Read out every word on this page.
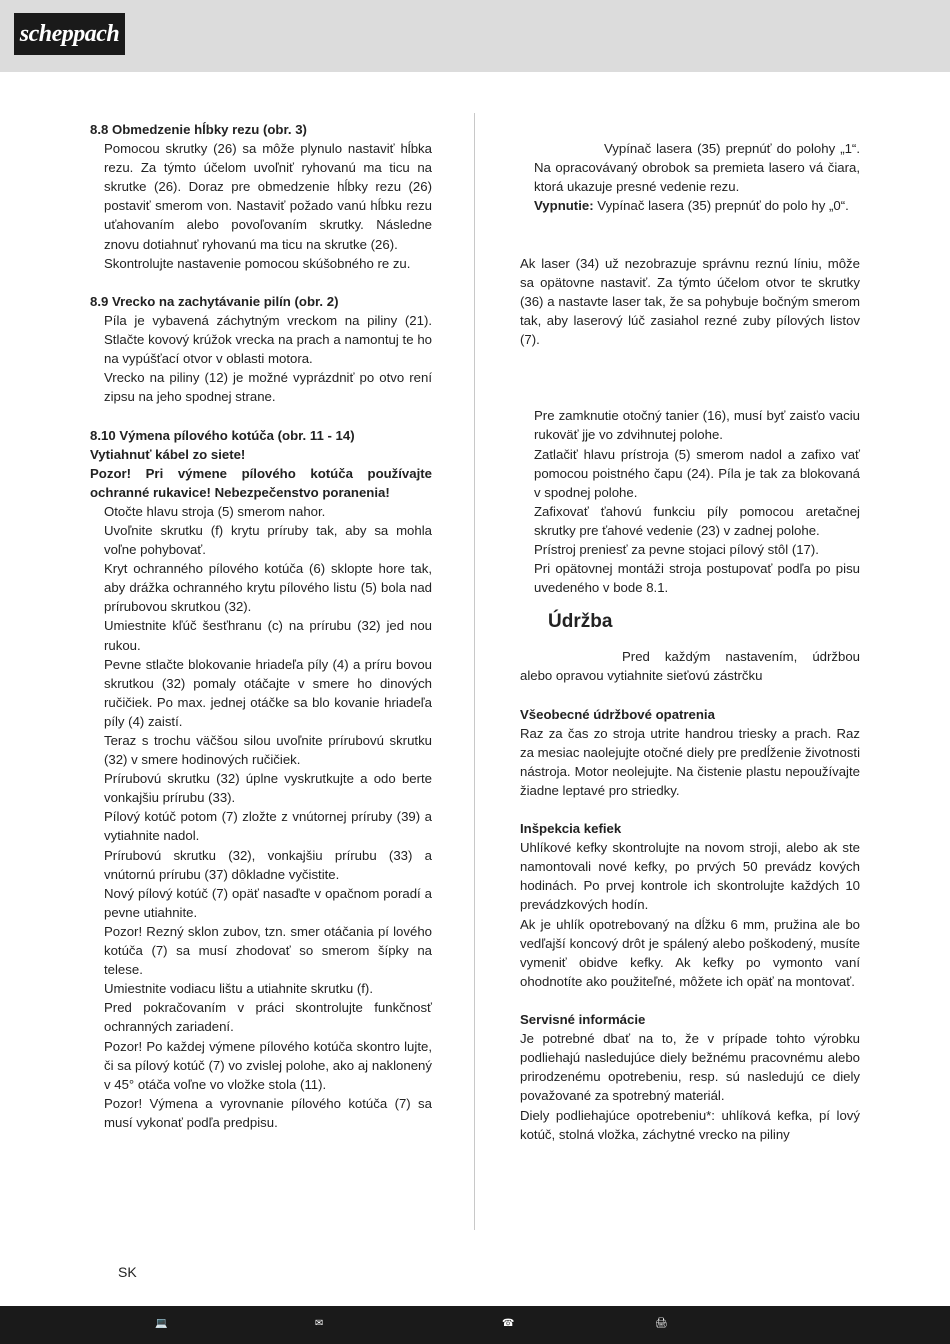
scheppach

8.8 Obmedzenie hĺbky rezu (obr. 3)

Pomocou skrutky (26) sa môže plynulo nastaviť hĺbka rezu. Za týmto účelom uvoľniť ryhovanú ma ticu na skrutke (26). Doraz pre obmedzenie hĺbky rezu (26) postaviť smerom von. Nastaviť požado vanú hĺbku rezu uťahovaním alebo povoľovaním skrutky. Následne znovu dotiahnuť ryhovanú ma ticu na skrutke (26).

Skontrolujte nastavenie pomocou skúšobného re zu.

8.9 Vrecko na zachytávanie pilín (obr. 2)

Píla je vybavená záchytným vreckom na piliny (21). Stlačte kovový krúžok vrecka na prach a namontuj te ho na vypúšťací otvor v oblasti motora.

Vrecko na piliny (12) je možné vyprázdniť po otvo rení zipsu na jeho spodnej strane.

8.10 Výmena pílového kotúča (obr. 11 - 14)

Vytiahnuť kábel zo siete!

Pozor! Pri výmene pílového kotúča používajte ochranné rukavice! Nebezpečenstvo poranenia!

Otočte hlavu stroja (5) smerom nahor.

Uvoľnite skrutku (f) krytu príruby tak, aby sa mohla voľne pohybovať.

Kryt ochranného pílového kotúča (6) sklopte hore tak, aby drážka ochranného krytu pílového listu (5) bola nad prírubovou skrutkou (32).

Umiestnite kľúč šesťhranu (c) na prírubu (32) jed nou rukou.

Pevne stlačte blokovanie hriadeľa píly (4) a príru bovou skrutkou (32) pomaly otáčajte v smere ho dinových ručičiek. Po max. jednej otáčke sa blo kovanie hriadeľa píly (4) zaistí.

Teraz s trochu väčšou silou uvoľnite prírubovú skrutku (32) v smere hodinových ručičiek.

Prírubovú skrutku (32) úplne vyskrutkujte a odo berte vonkajšiu prírubu (33).

Pílový kotúč potom (7) zložte z vnútornej príruby (39) a vytiahnite nadol.

Prírubovú skrutku (32), vonkajšiu prírubu (33) a vnútornú prírubu (37) dôkladne vyčistite.

Nový pílový kotúč (7) opäť nasaďte v opačnom poradí a pevne utiahnite.

Pozor! Rezný sklon zubov, tzn. smer otáčania pí lového kotúča (7) sa musí zhodovať so smerom šípky na telese.

Umiestnite vodiacu lištu a utiahnite skrutku (f).

Pred pokračovaním v práci skontrolujte funkčnosť ochranných zariadení.

Pozor! Po každej výmene pílového kotúča skontro lujte, či sa pílový kotúč (7) vo zvislej polohe, ako aj naklonený v 45° otáča voľne vo vložke stola (11).

Pozor! Výmena a vyrovnanie pílového kotúča (7) sa musí vykonať podľa predpisu.

Vypínač lasera (35) prepnúť do polohy „1“. Na opracovávaný obrobok sa premieta lasero vá čiara, ktorá ukazuje presné vedenie rezu.

Vypnutie: Vypínač lasera (35) prepnúť do polo hy „0“.

Ak laser (34) už nezobrazuje správnu reznú líniu, môže sa opätovne nastaviť. Za týmto účelom otvor te skrutky (36) a nastavte laser tak, že sa pohybuje bočným smerom tak, aby laserový lúč zasiahol rezné zuby pílových listov (7).

Pre zamknutie otočný tanier (16), musí byť zaisťo vaciu rukoväť jje vo zdvihnutej polohe.

Zatlačiť hlavu prístroja (5) smerom nadol a zafixo vať pomocou poistného čapu (24). Píla je tak za blokovaná v spodnej polohe.

Zafixovať ťahovú funkciu píly pomocou aretačnej skrutky pre ťahové vedenie (23) v zadnej polohe.

Prístroj preniesť za pevne stojaci pílový stôl (17).

Pri opätovnej montáži stroja postupovať podľa po pisu uvedeného v bode 8.1.

Údržba

Pred každým nastavením, údržbou alebo opravou vytiahnite sieťovú zástrčku

Všeobecné údržbové opatrenia

Raz za čas zo stroja utrite handrou triesky a prach. Raz za mesiac naolejujte otočné diely pre predĺženie životnosti nástroja. Motor neolejujte. Na čistenie plastu nepoužívajte žiadne leptavé pro striedky.

Inšpekcia kefiek

Uhlíkové kefky skontrolujte na novom stroji, alebo ak ste namontovali nové kefky, po prvých 50 prevádz kových hodinách. Po prvej kontrole ich skontrolujte každých 10 prevádzkových hodín.

Ak je uhlík opotrebovaný na dĺžku 6 mm, pružina ale bo vedľajší koncový drôt je spálený alebo poškodený, musíte vymeniť obidve kefky. Ak kefky po vymonto vaní ohodnotíte ako použiteľné, môžete ich opäť na montovať.

Servisné informácie

Je potrebné dbať na to, že v prípade tohto výrobku podliehajú nasledujúce diely bežnému pracovnému alebo prirodzenému opotrebeniu, resp. sú nasledujú ce diely považované za spotrebný materiál.

Diely podliehajúce opotrebeniu*: uhlíková kefka, pí lový kotúč, stolná vložka, záchytné vrecko na piliny

SK
💻	✉	☎	🖨
